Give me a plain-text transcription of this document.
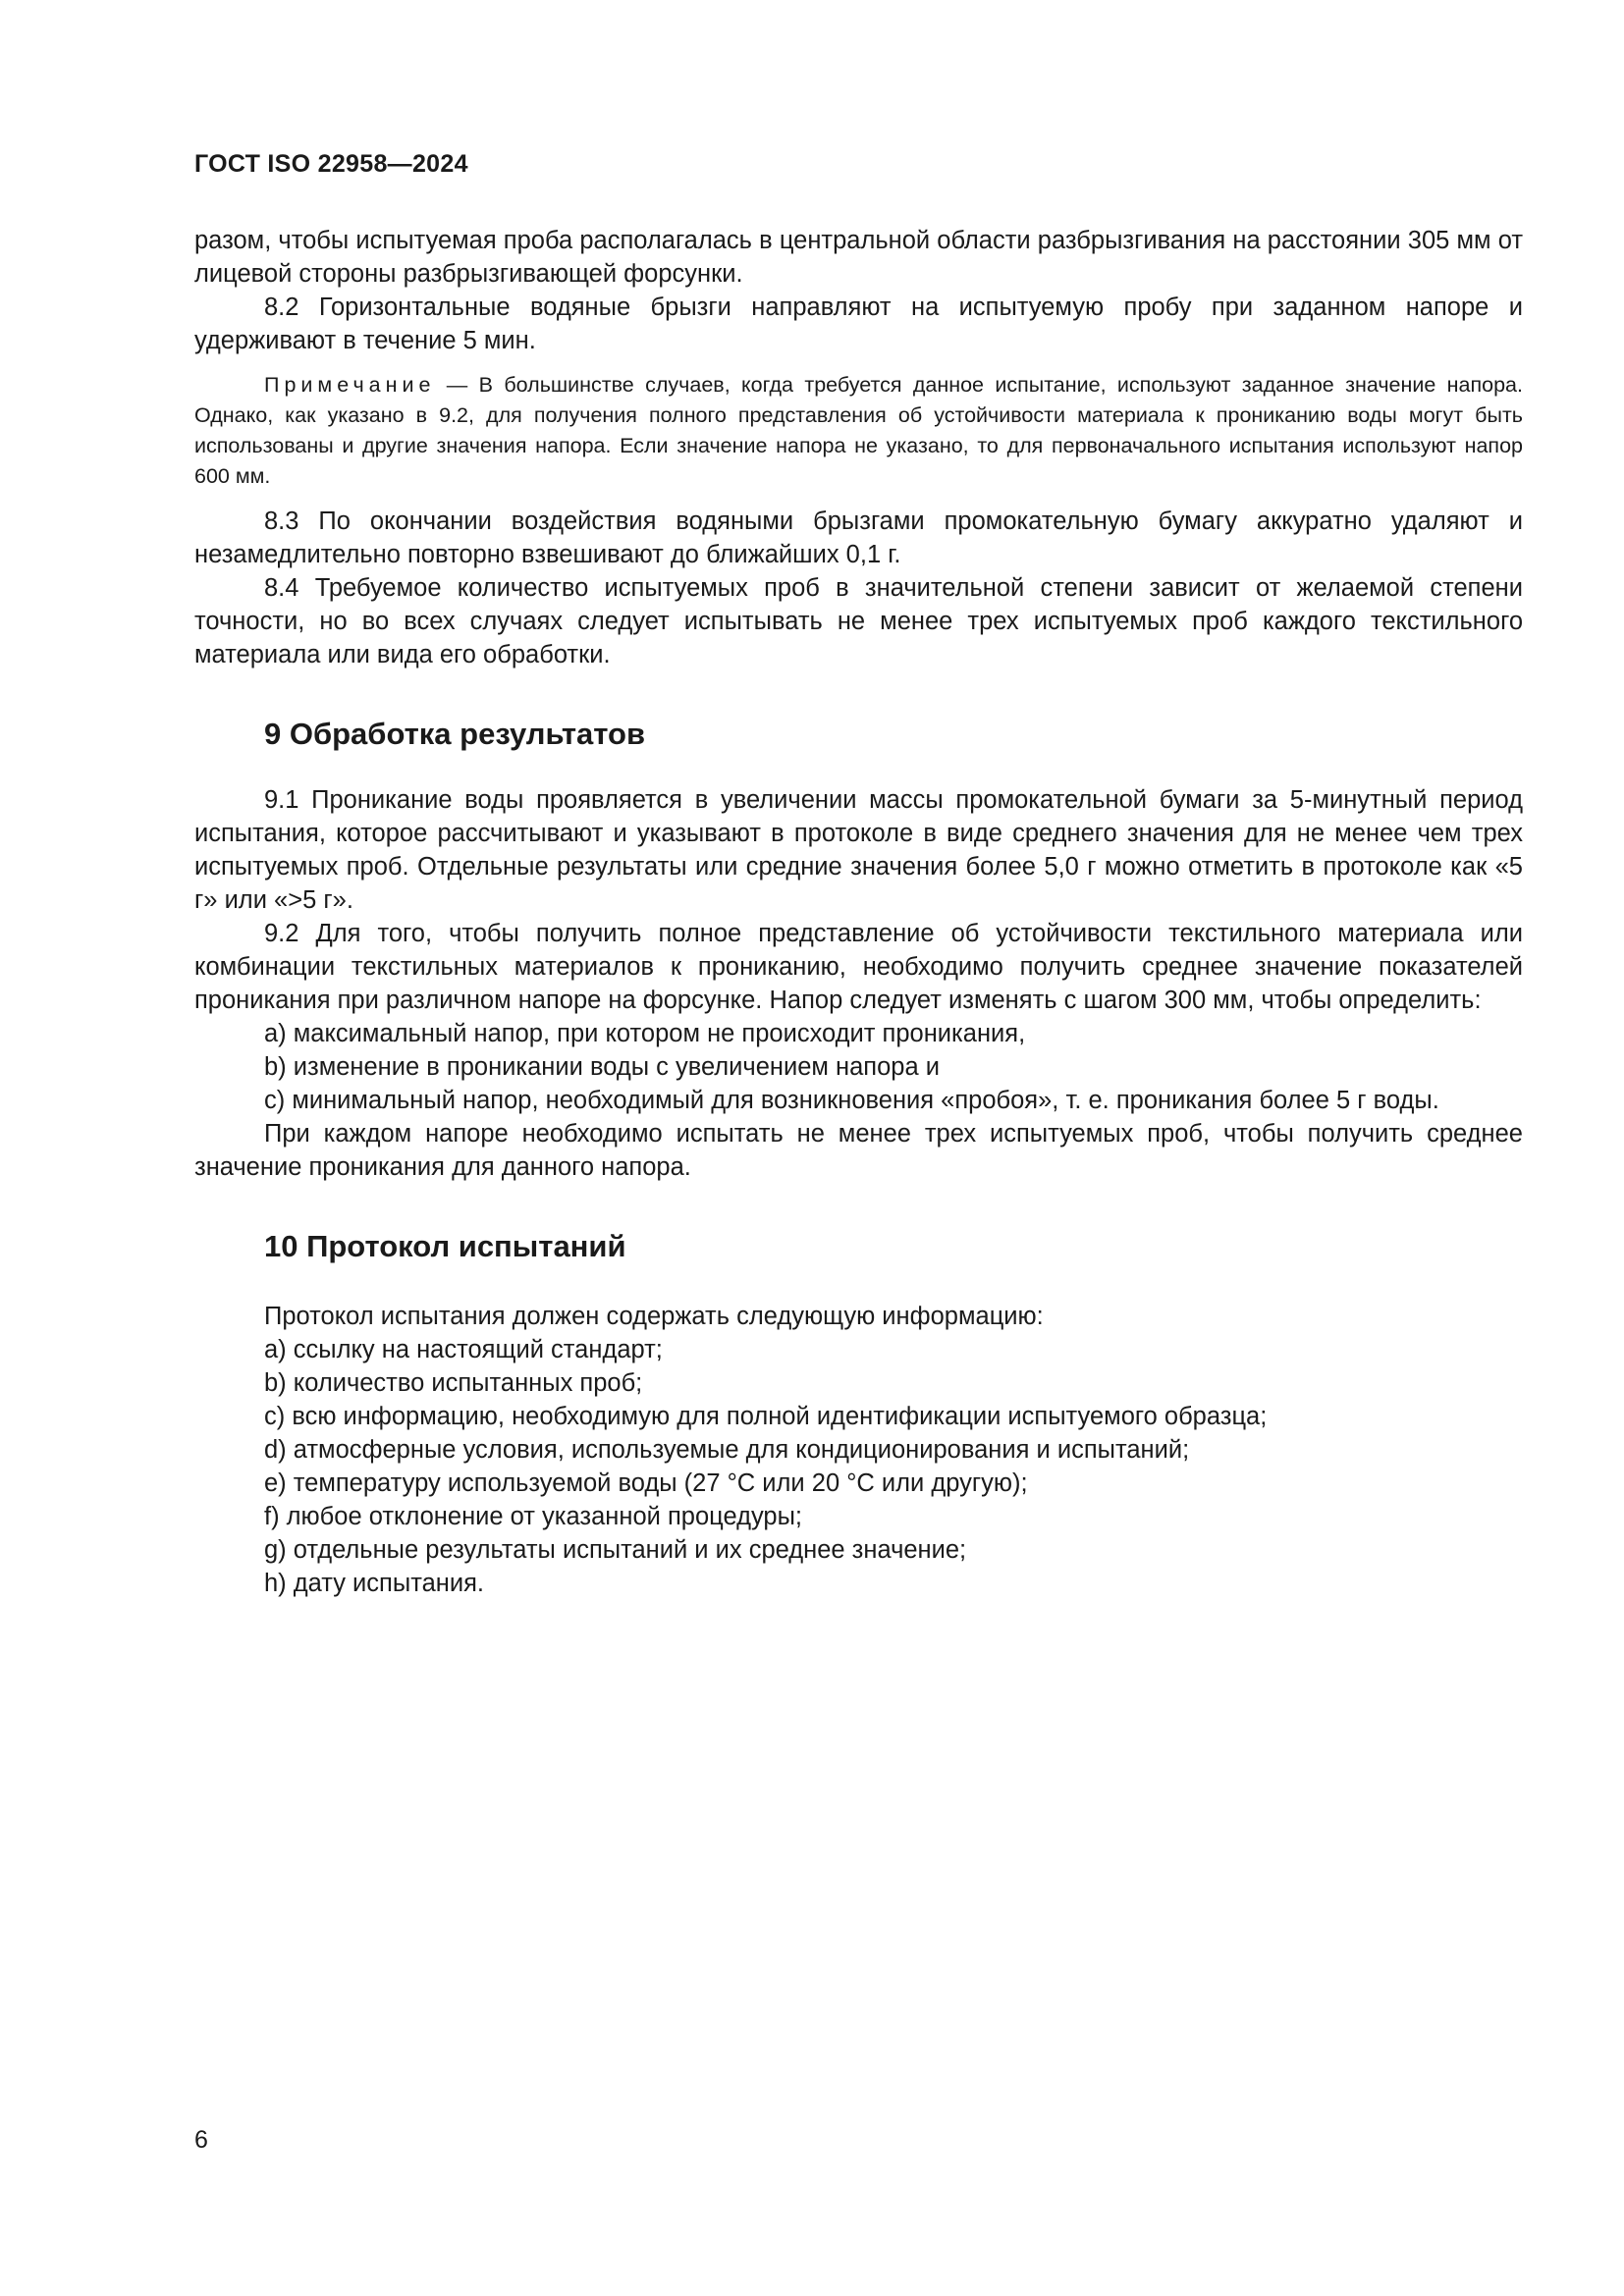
ГОСТ ISO 22958—2024

разом, чтобы испытуемая проба располагалась в центральной области разбрызгивания на расстоянии 305 мм от лицевой стороны разбрызгивающей форсунки.

8.2 Горизонтальные водяные брызги направляют на испытуемую пробу при заданном напоре и удерживают в течение 5 мин.

Примечание — В большинстве случаев, когда требуется данное испытание, используют заданное значение напора. Однако, как указано в 9.2, для получения полного представления об устойчивости материала к прониканию воды могут быть использованы и другие значения напора. Если значение напора не указано, то для первоначального испытания используют напор 600 мм.

8.3 По окончании воздействия водяными брызгами промокательную бумагу аккуратно удаляют и незамедлительно повторно взвешивают до ближайших 0,1 г.

8.4 Требуемое количество испытуемых проб в значительной степени зависит от желаемой степени точности, но во всех случаях следует испытывать не менее трех испытуемых проб каждого текстильного материала или вида его обработки.

9 Обработка результатов

9.1 Проникание воды проявляется в увеличении массы промокательной бумаги за 5-минутный период испытания, которое рассчитывают и указывают в протоколе в виде среднего значения для не менее чем трех испытуемых проб. Отдельные результаты или средние значения более 5,0 г можно отметить в протоколе как «5 г» или «>5 г».

9.2 Для того, чтобы получить полное представление об устойчивости текстильного материала или комбинации текстильных материалов к прониканию, необходимо получить среднее значение показателей проникания при различном напоре на форсунке. Напор следует изменять с шагом 300 мм, чтобы определить:

a) максимальный напор, при котором не происходит проникания,

b) изменение в проникании воды с увеличением напора и

c) минимальный напор, необходимый для возникновения «пробоя», т. е. проникания более 5 г воды.

При каждом напоре необходимо испытать не менее трех испытуемых проб, чтобы получить среднее значение проникания для данного напора.

10 Протокол испытаний

Протокол испытания должен содержать следующую информацию:

a) ссылку на настоящий стандарт;

b) количество испытанных проб;

c) всю информацию, необходимую для полной идентификации испытуемого образца;

d) атмосферные условия, используемые для кондиционирования и испытаний;

e) температуру используемой воды (27 °С или 20 °С или другую);

f) любое отклонение от указанной процедуры;

g) отдельные результаты испытаний и их среднее значение;

h) дату испытания.

6
